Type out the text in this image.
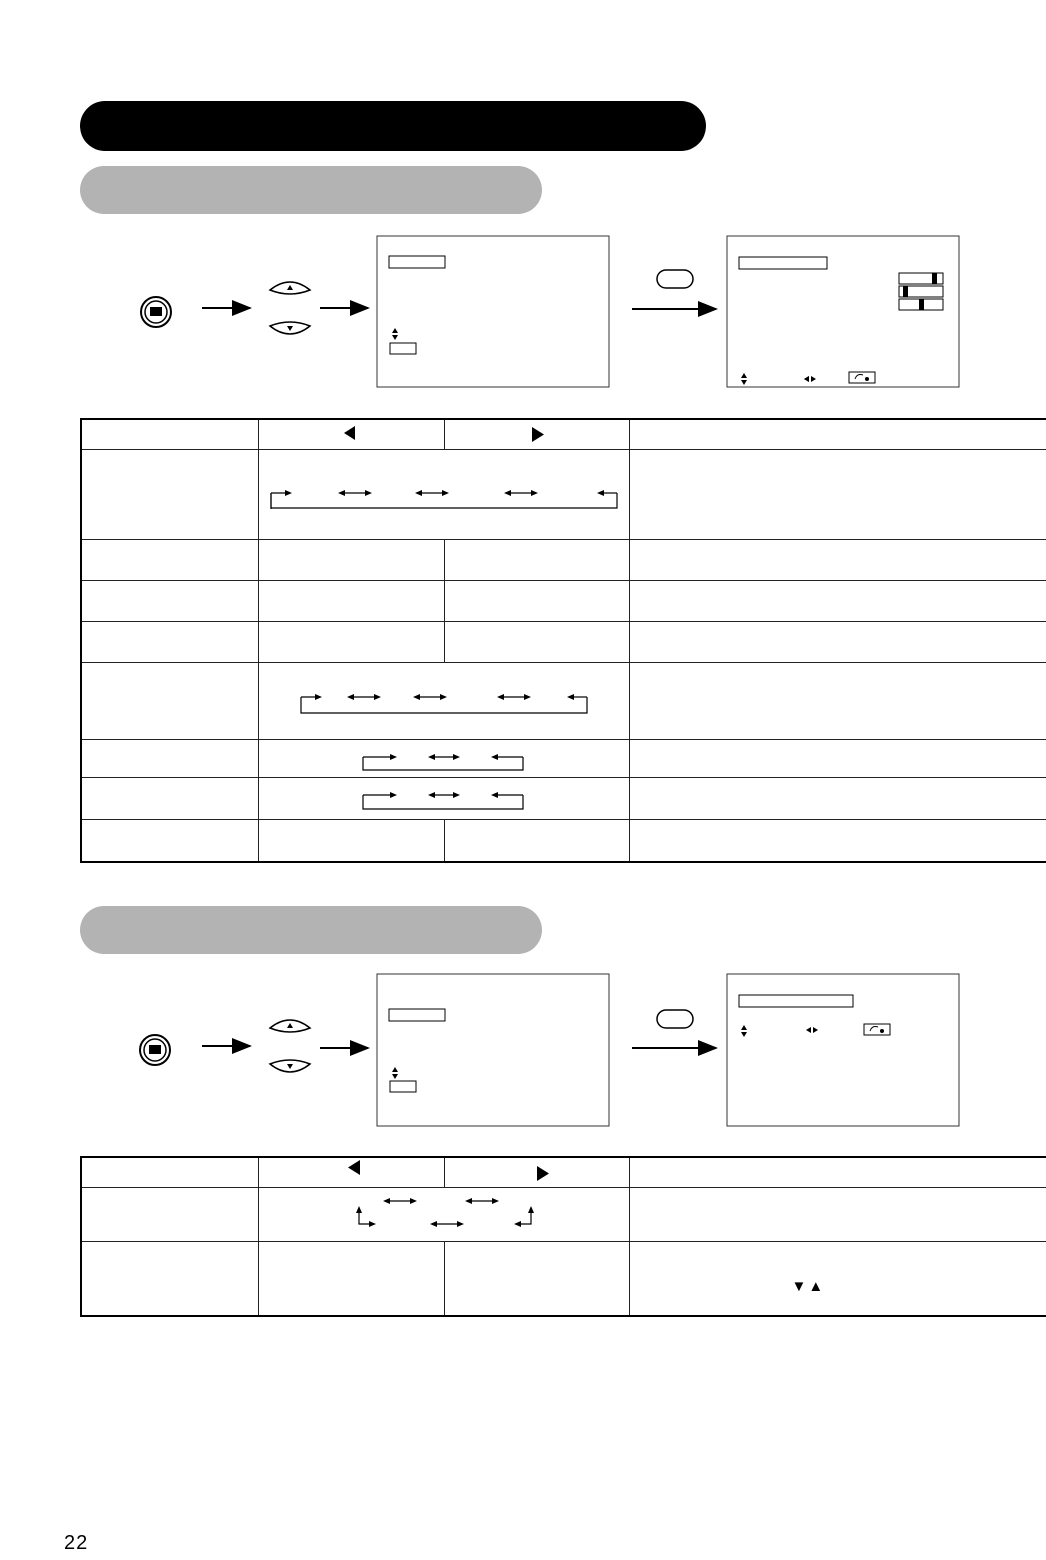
			▼▲
22
